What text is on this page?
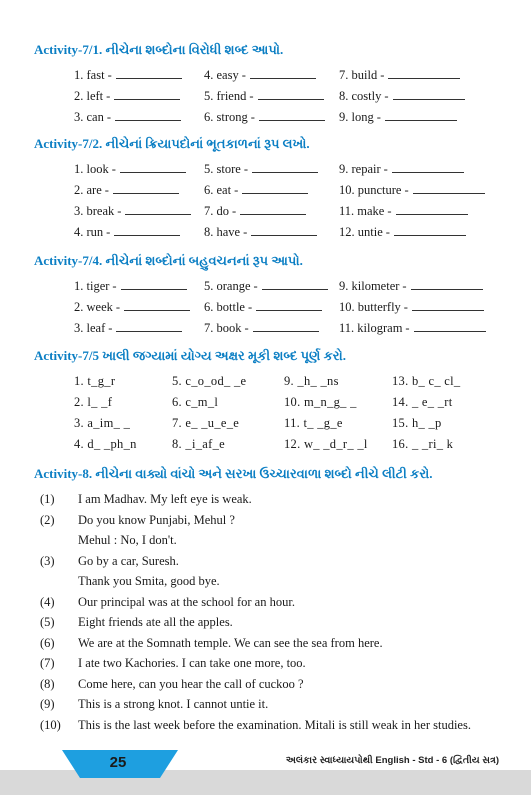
Activity-7/1. નીચેના શબ્દોના વિરોધી શબ્દ આપો.
1. fast -	4. easy -	7. build -
2. left -	5. friend -	8. costly -
3. can -	6. strong -	9. long -
Activity-7/2. નીચેનાં ક્રિયાપદોનાં ભૂતકાળનાં રૂપ લખો.
1. look -	5. store -	9. repair -
2. are -	6. eat -	10. puncture -
3. break -	7. do -	11. make -
4. run -	8. have -	12. untie -
Activity-7/4. નીચેનાં શબ્દોનાં બહુવચનનાં રૂપ આપો.
1. tiger -	5. orange -	9. kilometer -
2. week -	6. bottle -	10. butterfly -
3. leaf -	7. book -	11. kilogram -
Activity-7/5 ખાલી જગ્યામાં યોગ્ય અક્ષર મૂકી શબ્દ પૂર્ણ કરો.
1. t_g_r	5. c_o_od_ _e	9. _h_ _ns	13. b_ c_ cl_
2. l_ _f	6. c_m_l	10. m_n_g_ _	14. _ e_ _rt
3. a_im_ _	7. e_ _u_e_e	11. t_ _g_e	15. h_ _p
4. d_ _ph_n	8. _i_af_e	12. w_ _d_r_ _l 16. _ _ri_ k
Activity-8. નીચેના વાક્યો વાંચો અને સરખા ઉચ્ચારવાળા શબ્દો નીચે લીટી કરો.
(1) I am Madhav. My left eye is weak.
(2) Do you know Punjabi, Mehul ?
Mehul : No, I don't.
(3) Go by a car, Suresh.
Thank you Smita, good bye.
(4) Our principal was at the school for an hour.
(5) Eight friends ate all the apples.
(6) We are at the Somnath temple. We can see the sea from here.
(7) I ate two Kachories. I can take one more, too.
(8) Come here, can you hear the call of cuckoo ?
(9) This is a strong knot. I cannot untie it.
(10) This is the last week before the examination. Mitali is still weak in her studies.
25	અલંકાર સ્વાધ્યાયપોથી English - Std - 6 (દ્વિતીય સત્ર)
